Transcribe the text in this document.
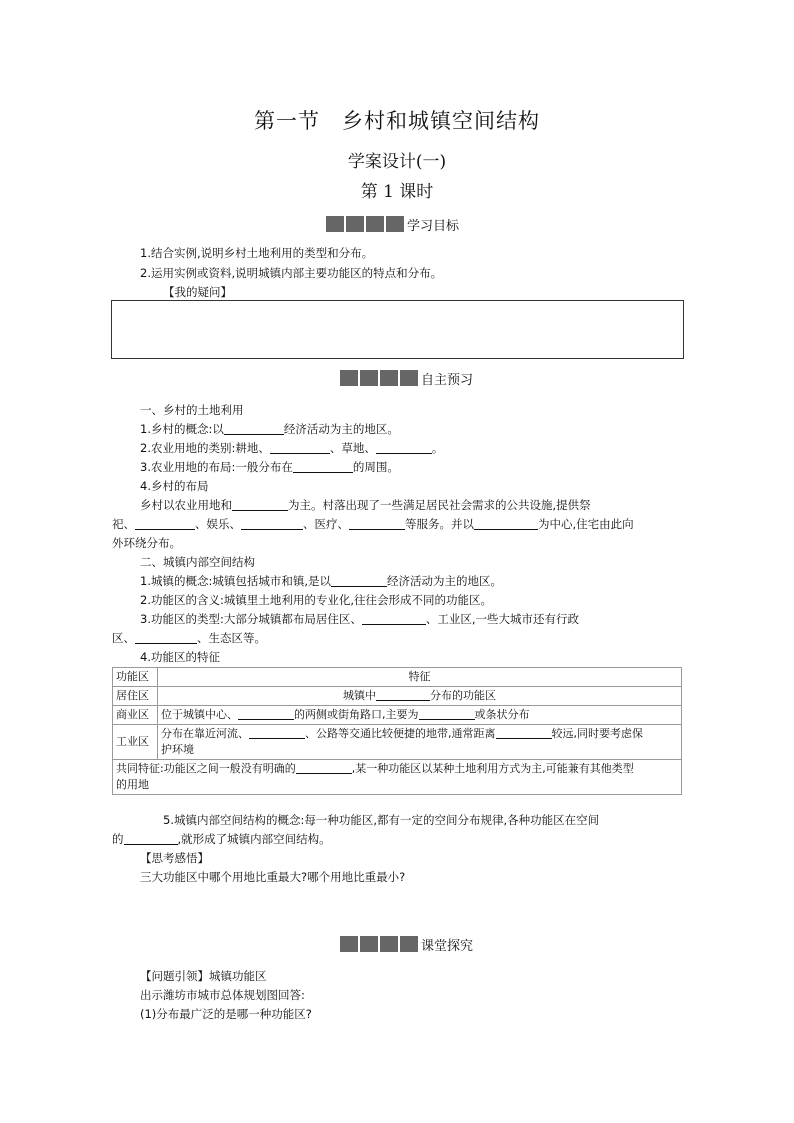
第一节 乡村和城镇空间结构
学案设计(一)
第 1 课时
学习目标
1.结合实例,说明乡村土地利用的类型和分布。
2.运用实例或资料,说明城镇内部主要功能区的特点和分布。
【我的疑问】
自主预习
一、乡村的土地利用
1.乡村的概念:以	经济活动为主的地区。
2.农业用地的类别:耕地、	、草地、	。
3.农业用地的布局:一般分布在	的周围。
4.乡村的布局
乡村以农业用地和	为主。村落出现了一些满足居民社会需求的公共设施,提供祭
祀、	、娱乐、	、医疗、	等服务。并以	为中心,住宅由此向
外环绕分布。
二、城镇内部空间结构
1.城镇的概念:城镇包括城市和镇,是以	经济活动为主的地区。
2.功能区的含义:城镇里土地利用的专业化,往往会形成不同的功能区。
3.功能区的类型:大部分城镇都布局居住区、	、工业区,一些大城市还有行政
区、	、生态区等。
4.功能区的特征
功能区	特征
居住区	城镇中 分布的功能区
商业区	位于城镇中心、 的两侧或街角路口,主要为 或条状分布
工业区	分布在靠近河流、 、公路等交通比较便捷的地带,通常距离 较远,同时要考虑保
护环境
共同特征:功能区之间一般没有明确的 ,某一种功能区以某种土地利用方式为主,可能兼有其他类型
的用地	
5.城镇内部空间结构的概念:每一种功能区,都有一定的空间分布规律,各种功能区在空间
的	,就形成了城镇内部空间结构。
【思考感悟】
三大功能区中哪个用地比重最大?哪个用地比重最小?
课堂探究
【问题引领】城镇功能区
出示潍坊市城市总体规划图回答:
(1)分布最广泛的是哪一种功能区?
